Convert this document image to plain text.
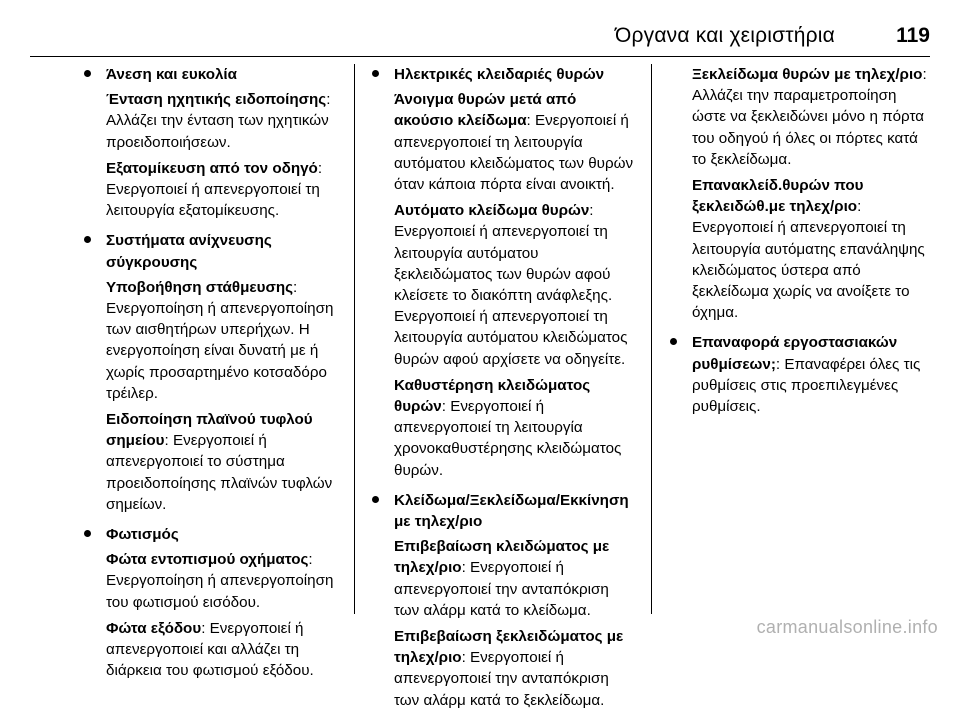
Όργανα και χειριστήρια	119
Άνεση και ευκολία
Ένταση ηχητικής ειδοποίησης: Αλλάζει την ένταση των ηχητικών προειδοποιήσεων.
Εξατομίκευση από τον οδηγό: Ενεργοποιεί ή απενεργοποιεί τη λειτουργία εξατομίκευσης.
Συστήματα ανίχνευσης σύγκρουσης
Υποβοήθηση στάθμευσης: Ενεργοποίηση ή απενεργοποίηση των αισθητήρων υπερήχων. Η ενεργοποίηση είναι δυνατή με ή χωρίς προσαρτημένο κοτσαδόρο τρέιλερ.
Ειδοποίηση πλαϊνού τυφλού σημείου: Ενεργοποιεί ή απενεργοποιεί το σύστημα προειδοποίησης πλαϊνών τυφλών σημείων.
Φωτισμός
Φώτα εντοπισμού οχήματος: Ενεργοποίηση ή απενεργοποίηση του φωτισμού εισόδου.
Φώτα εξόδου: Ενεργοποιεί ή απενεργοποιεί και αλλάζει τη διάρκεια του φωτισμού εξόδου.
Ηλεκτρικές κλειδαριές θυρών
Άνοιγμα θυρών μετά από ακούσιο κλείδωμα: Ενεργοποιεί ή απενεργοποιεί τη λειτουργία αυτόματου κλειδώματος των θυρών όταν κάποια πόρτα είναι ανοικτή.
Αυτόματο κλείδωμα θυρών: Ενεργοποιεί ή απενεργοποιεί τη λειτουργία αυτόματου ξεκλειδώματος των θυρών αφού κλείσετε το διακόπτη ανάφλεξης. Ενεργοποιεί ή απενεργοποιεί τη λειτουργία αυτόματου κλειδώματος θυρών αφού αρχίσετε να οδηγείτε.
Καθυστέρηση κλειδώματος θυρών: Ενεργοποιεί ή απενεργοποιεί τη λειτουργία χρονοκαθυστέρησης κλειδώματος θυρών.
Κλείδωμα/Ξεκλείδωμα/Εκκίνηση με τηλεχ/ριο
Επιβεβαίωση κλειδώματος με τηλεχ/ριο: Ενεργοποιεί ή απενεργοποιεί την ανταπόκριση των αλάρμ κατά το κλείδωμα.
Επιβεβαίωση ξεκλειδώματος με τηλεχ/ριο: Ενεργοποιεί ή απενεργοποιεί την ανταπόκριση των αλάρμ κατά το ξεκλείδωμα.
Ξεκλείδωμα θυρών με τηλεχ/ριο: Αλλάζει την παραμετροποίηση ώστε να ξεκλειδώνει μόνο η πόρτα του οδηγού ή όλες οι πόρτες κατά το ξεκλείδωμα.
Επανακλείδ.θυρών που ξεκλειδώθ.με τηλεχ/ριο: Ενεργοποιεί ή απενεργοποιεί τη λειτουργία αυτόματης επανάληψης κλειδώματος ύστερα από ξεκλείδωμα χωρίς να ανοίξετε το όχημα.
Επαναφορά εργοστασιακών ρυθμίσεων;: Επαναφέρει όλες τις ρυθμίσεις στις προεπιλεγμένες ρυθμίσεις.
carmanualsonline.info
